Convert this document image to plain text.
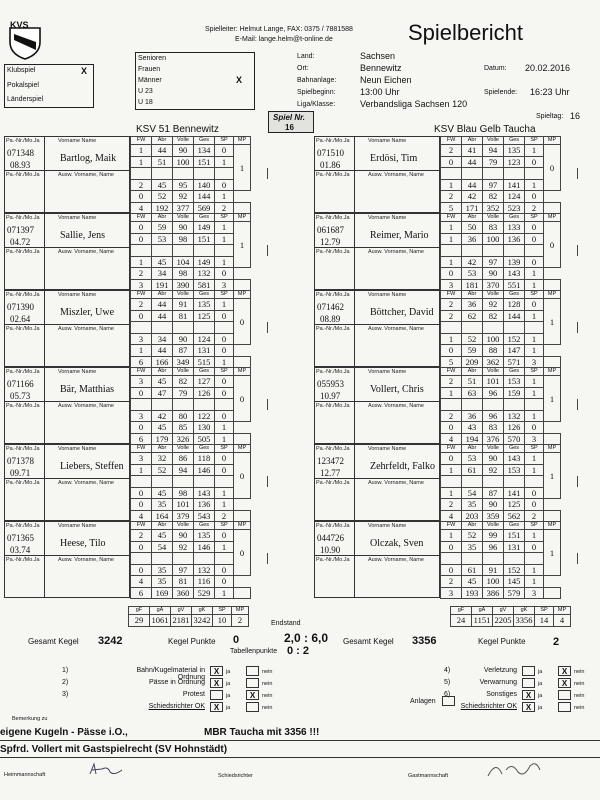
KVS	Spielleiter: Helmut Lange, FAX: 0375 / 7881588
E-Mail: lange.helm@t-online.de	Spielbericht
Klubspiel	X
Pokalspiel
Länderspiel
Senioren
Frauen
Männer	X
U 23
U 18
Land:	Sachsen
Ort:	Bennewitz	Datum: 20.02.2016
Bahnanlage:	Neun Eichen
Spielbeginn:	13:00 Uhr	Spielende: 16:23 Uhr
Liga/Klasse:	Verbandsliga Sachsen 120
Spieltag: 16
Spiel Nr.
16
KSV 51 Bennewitz	KSV Blau Gelb Taucha
Pa.-Nr./Mo.Ja	Vorname Name
071348
08.93
Bartlog, Maik
Pa.-Nr./Mo.Ja	Ausw. Vorname, Name
FW	Abr	Volle	Ges	SP	MP	
1	44	90	134	0	1	
1	51	100	151	1		

2	45	95	140	0		
0	52	92	144	1		
4	192	377	569	2		
Pa.-Nr./Mo.Ja	Vorname Name
071397
04.72
Sallie, Jens
Pa.-Nr./Mo.Ja	Ausw. Vorname, Name
FW	Abr	Volle	Ges	SP	MP	
0	59	90	149	1	1	
0	53	98	151	1		

1	45	104	149	1		
2	34	98	132	0		
3	191	390	581	3		
Pa.-Nr./Mo.Ja	Vorname Name
071390
02.64
Miszler, Uwe
Pa.-Nr./Mo.Ja	Ausw. Vorname, Name
FW	Abr	Volle	Ges	SP	MP	
2	44	91	135	1	0	
0	44	81	125	0		

3	34	90	124	0		
1	44	87	131	0		
6	166	349	515	1		
Pa.-Nr./Mo.Ja	Vorname Name
071166
05.73
Bär, Matthias
Pa.-Nr./Mo.Ja	Ausw. Vorname, Name
FW	Abr	Volle	Ges	SP	MP	
3	45	82	127	0	0	
0	47	79	126	0		

3	42	80	122	0		
0	45	85	130	1		
6	179	326	505	1		
Pa.-Nr./Mo.Ja	Vorname Name
071378
09.71
Liebers, Steffen
Pa.-Nr./Mo.Ja	Ausw. Vorname, Name
FW	Abr	Volle	Ges	SP	MP	
3	32	86	118	0	0	
1	52	94	146	0		

0	45	98	143	1		
0	35	101	136	1		
4	164	379	543	2		
Pa.-Nr./Mo.Ja	Vorname Name
071365
03.74
Heese, Tilo
Pa.-Nr./Mo.Ja	Ausw. Vorname, Name
FW	Abr	Volle	Ges	SP	MP	
2	45	90	135	0	0	
0	54	92	146	1		

0	35	97	132	0		
4	35	81	116	0		
6	169	360	529	1		
Pa.-Nr./Mo.Ja	Vorname Name
071510
01.86
Erdösi, Tim
Pa.-Nr./Mo.Ja	Ausw. Vorname, Name
FW	Abr	Volle	Ges	SP	MP	
2	41	94	135	1	0	
0	44	79	123	0		

1	44	97	141	1		
2	42	82	124	0		
5	171	352	523	2		
Pa.-Nr./Mo.Ja	Vorname Name
061687
12.79
Reimer, Mario
Pa.-Nr./Mo.Ja	Ausw. Vorname, Name
FW	Abr	Volle	Ges	SP	MP	
1	50	83	133	0	0	
1	36	100	136	0		

1	42	97	139	0		
0	53	90	143	1		
3	181	370	551	1		
Pa.-Nr./Mo.Ja	Vorname Name
071462
08.89
Böttcher, David
Pa.-Nr./Mo.Ja	Ausw. Vorname, Name
FW	Abr	Volle	Ges	SP	MP	
2	36	92	128	0	1	
2	62	82	144	1		

1	52	100	152	1		
0	59	88	147	1		
5	209	362	571	3		
Pa.-Nr./Mo.Ja	Vorname Name
055953
10.97
Vollert, Chris
Pa.-Nr./Mo.Ja	Ausw. Vorname, Name
FW	Abr	Volle	Ges	SP	MP	
2	51	101	153	1	1	
1	63	96	159	1		

2	36	96	132	1		
0	43	83	126	0		
4	194	376	570	3		
Pa.-Nr./Mo.Ja	Vorname Name
123472
12.77
Zehrfeldt, Falko
Pa.-Nr./Mo.Ja	Ausw. Vorname, Name
FW	Abr	Volle	Ges	SP	MP	
0	53	90	143	1	1	
1	61	92	153	1		

1	54	87	141	0		
2	35	90	125	0		
4	203	359	562	2		
Pa.-Nr./Mo.Ja	Vorname Name
044726
10.90
Olczak, Sven
Pa.-Nr./Mo.Ja	Ausw. Vorname, Name
FW	Abr	Volle	Ges	SP	MP	
1	52	99	151	1	1	
0	35	96	131	0		

0	61	91	152	1		
2	45	100	145	1		
3	193	386	579	3		
gF	gA	gV	gK	SP	MP
29	1061	2181	3242	10	2
gF	gA	gV	gK	SP	MP
24	1151	2205	3356	14	4
Endstand
2,0 : 6,0
Tabellenpunkte 0 : 2
Gesamt Kegel 3242	Kegel Punkte 0	Gesamt Kegel 3356	Kegel Punkte 2
1)	Bahn/Kugelmaterial in Ordnung
X	ja	nein
2)	Pässe in Ordnung	X	ja	nein
3)	Protest	ja	X	nein
Schiedsrichter OK	X	ja	nein
4)	Verletzung	ja	X	nein
5)	Verwarnung	ja	X	nein
6)	Sonstiges	X	ja	nein
Schiedsrichter OK	X	ja	nein
Anlagen
Bemerkung zu
eigene Kugeln - Pässe i.O.,	MBR Taucha mit 3356 !!!
Spfrd. Vollert mit Gastspielrecht (SV Hohnstädt)
Heimmannschaft	Schiedsrichter	Gastmannschaft
